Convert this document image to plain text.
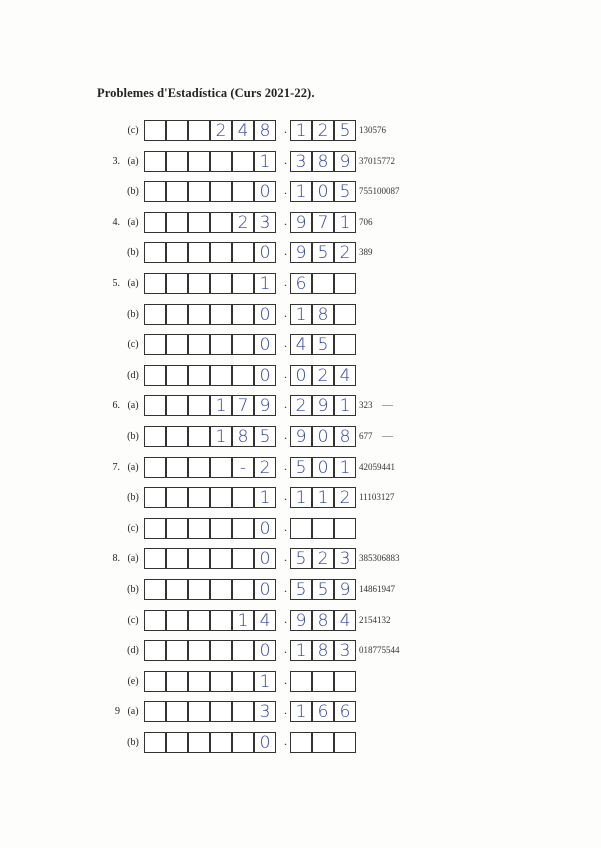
Problemes d'Estadística (Curs 2021-22).
(c)	2 4 8	· 1 2 5 130576
3. (a)	1	· 3 8 9 37015772
(b)	0	· 1 0 5 755100087
4. (a)	2 3	· 9 7 1 706
(b)	0	· 9 5 2 389
5. (a)	1	· 6
(b)	0	· 1 8
(c)	0	· 4 5
(d)	0	· 0 2 4
6. (a)	1 7 9	· 2 9 1 323 —
(b)	1 8 5	· 9 0 8 677 —
7. (a)	- 2	· 5 0 1 42059441
(b)	1	· 1 1 2 11103127
(c)	0	·
8. (a)	0	· 5 2 3 385306883
(b)	0	· 5 5 9 14861947
(c)	1 4	· 9 8 4 2154132
(d)	0	· 1 8 3 018775544
(e)	1	·
9 (a)	3	· 1 6 6
(b)	0	·
